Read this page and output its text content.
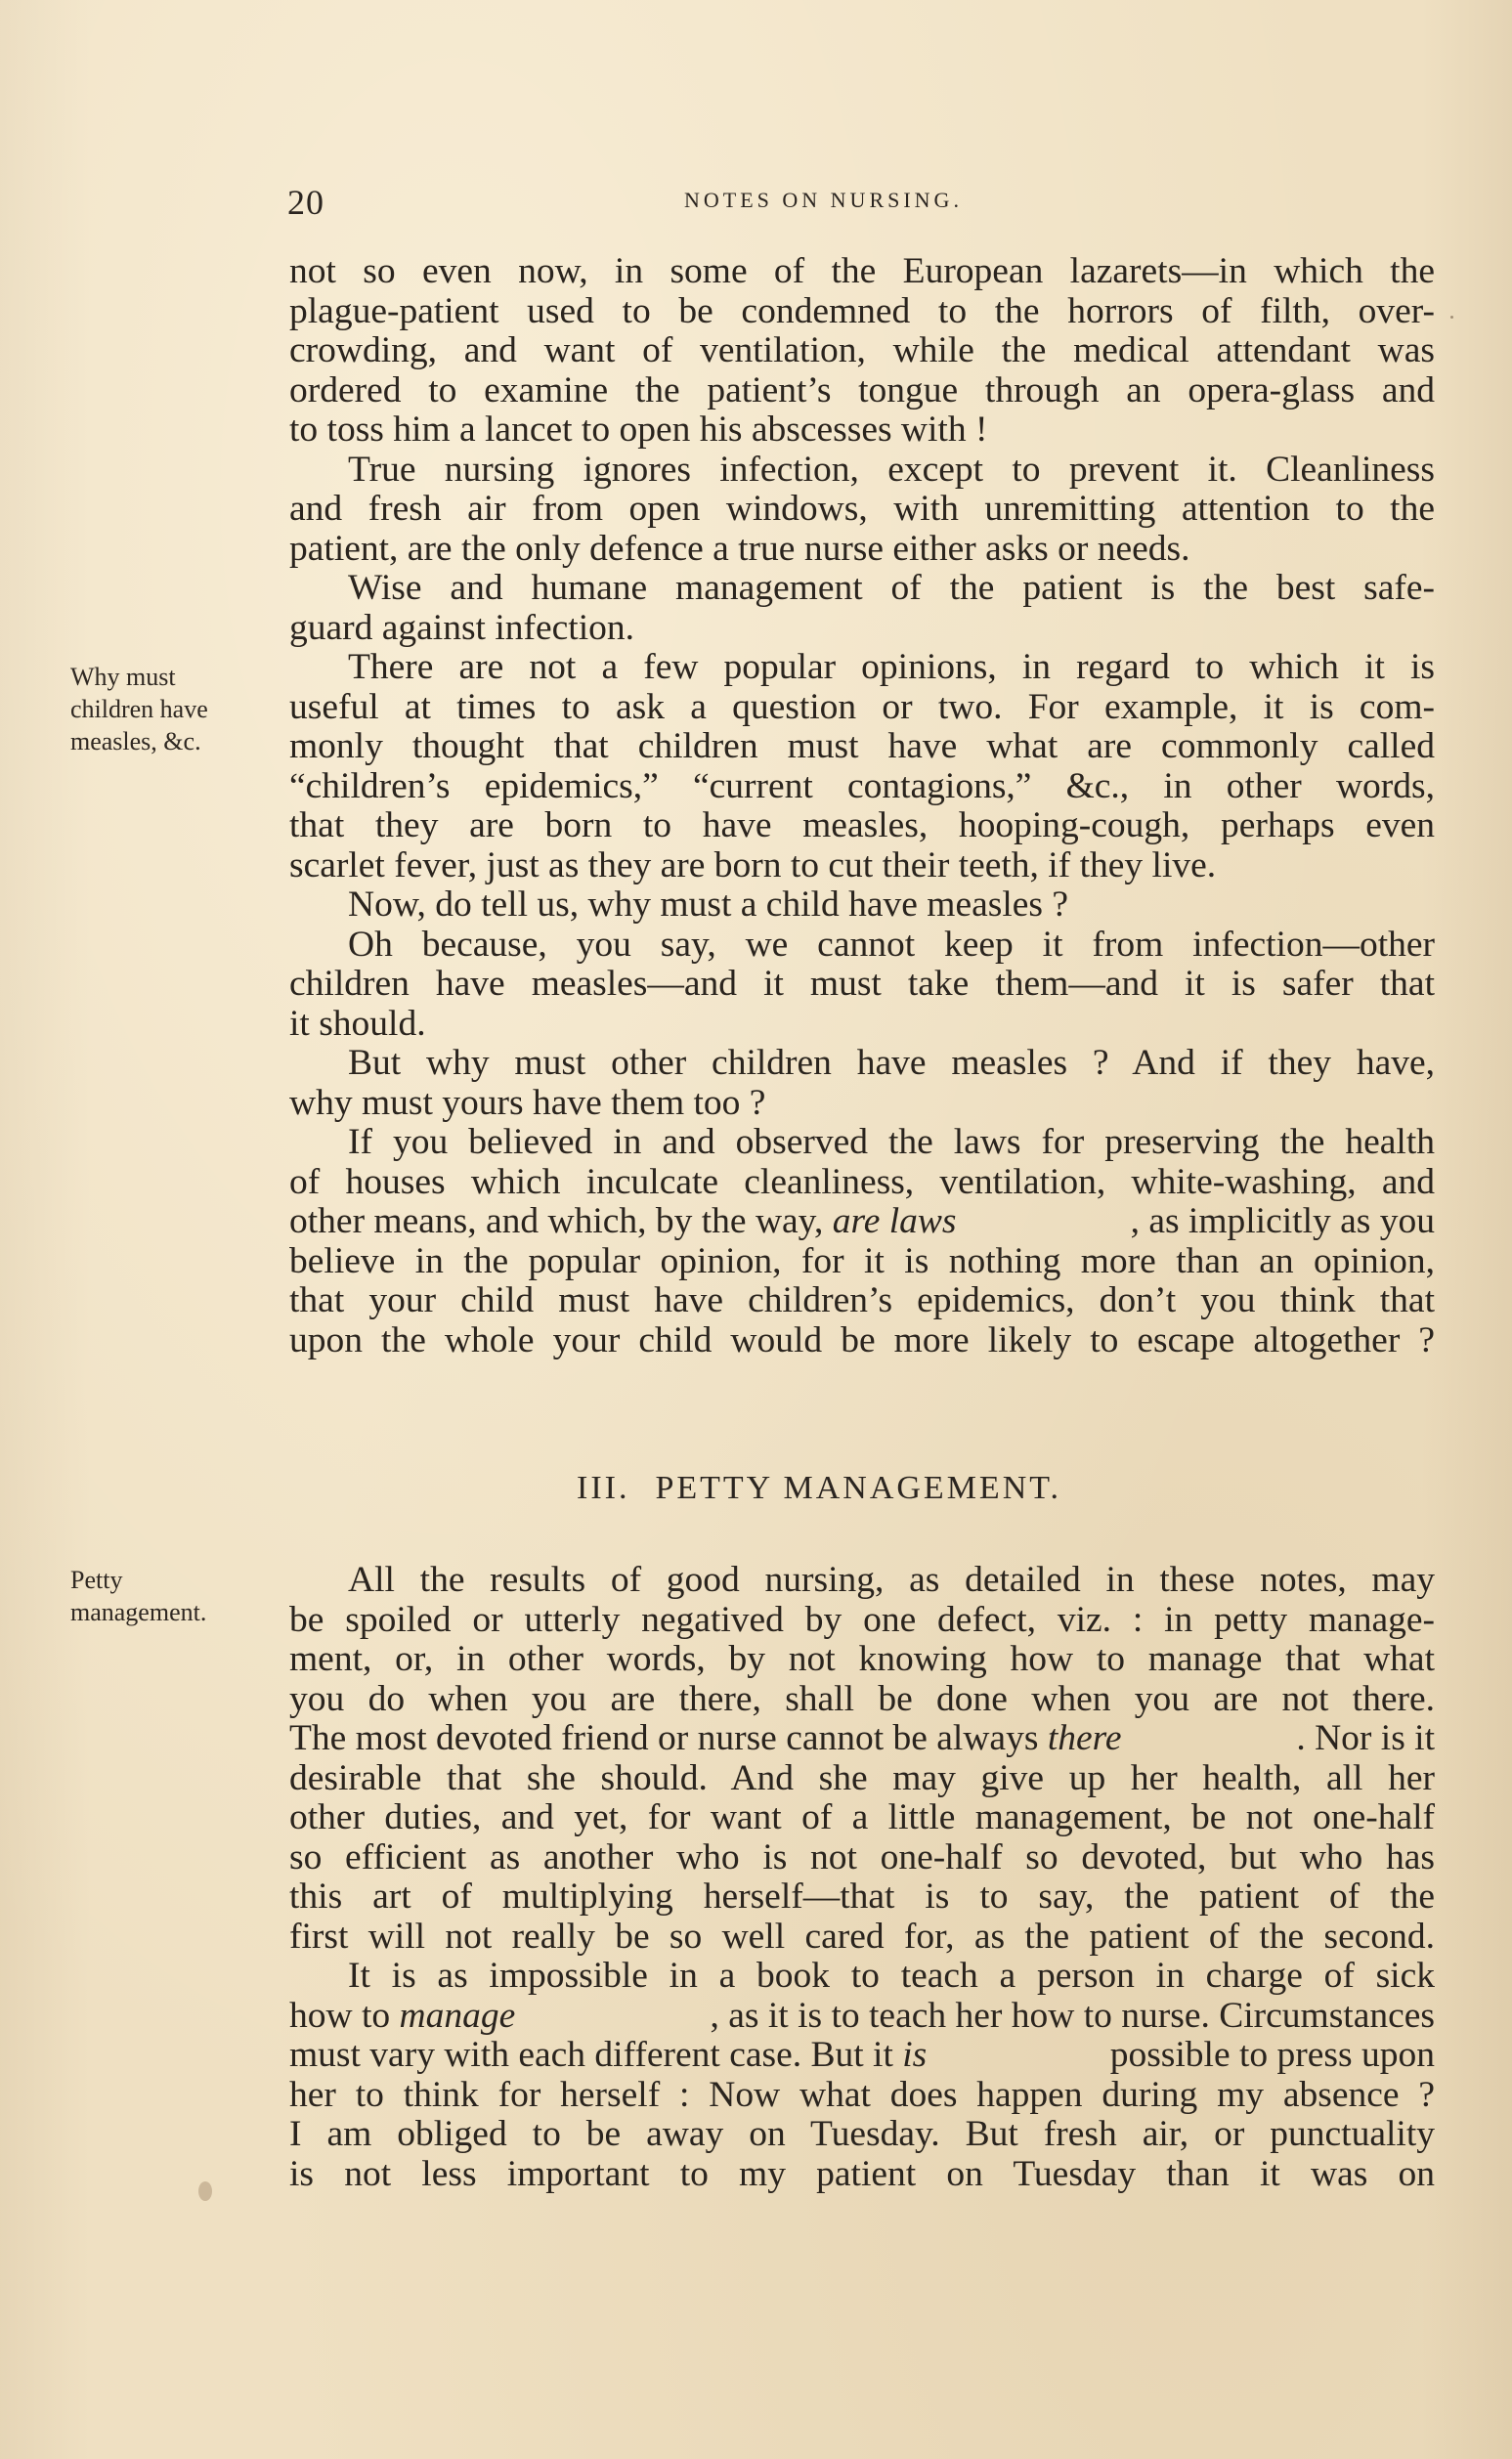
20	NOTES ON NURSING.
Why must
children have
measles, &c.
Petty
management.
not so even now, in some of the European lazarets—in which the
plague-patient used to be condemned to the horrors of filth, over-
crowding, and want of ventilation, while the medical attendant was
ordered to examine the patient’s tongue through an opera-glass and
to toss him a lancet to open his abscesses with !
True nursing ignores infection, except to prevent it. Cleanliness
and fresh air from open windows, with unremitting attention to the
patient, are the only defence a true nurse either asks or needs.
Wise and humane management of the patient is the best safe-
guard against infection.
There are not a few popular opinions, in regard to which it is
useful at times to ask a question or two. For example, it is com-
monly thought that children must have what are commonly called
“children’s epidemics,” “current contagions,” &c., in other words,
that they are born to have measles, hooping-cough, perhaps even
scarlet fever, just as they are born to cut their teeth, if they live.
Now, do tell us, why must a child have measles ?
Oh because, you say, we cannot keep it from infection—other
children have measles—and it must take them—and it is safer that
it should.
But why must other children have measles ? And if they have,
why must yours have them too ?
If you believed in and observed the laws for preserving the health
of houses which inculcate cleanliness, ventilation, white-washing, and
other means, and which, by the way, are laws	, as implicitly as you
believe in the popular opinion, for it is nothing more than an opinion,
that your child must have children’s epidemics, don’t you think that
upon the whole your child would be more likely to escape altogether ?
III. PETTY MANAGEMENT.
All the results of good nursing, as detailed in these notes, may
be spoiled or utterly negatived by one defect, viz. : in petty manage-
ment, or, in other words, by not knowing how to manage that what
you do when you are there, shall be done when you are not there.
The most devoted friend or nurse cannot be always there	. Nor is it
desirable that she should. And she may give up her health, all her
other duties, and yet, for want of a little management, be not one-half
so efficient as another who is not one-half so devoted, but who has
this art of multiplying herself—that is to say, the patient of the
first will not really be so well cared for, as the patient of the second.
It is as impossible in a book to teach a person in charge of sick
how to manage	, as it is to teach her how to nurse. Circumstances
must vary with each different case. But it is	possible to press upon
her to think for herself : Now what does happen during my absence ?
I am obliged to be away on Tuesday. But fresh air, or punctuality
is not less important to my patient on Tuesday than it was on
